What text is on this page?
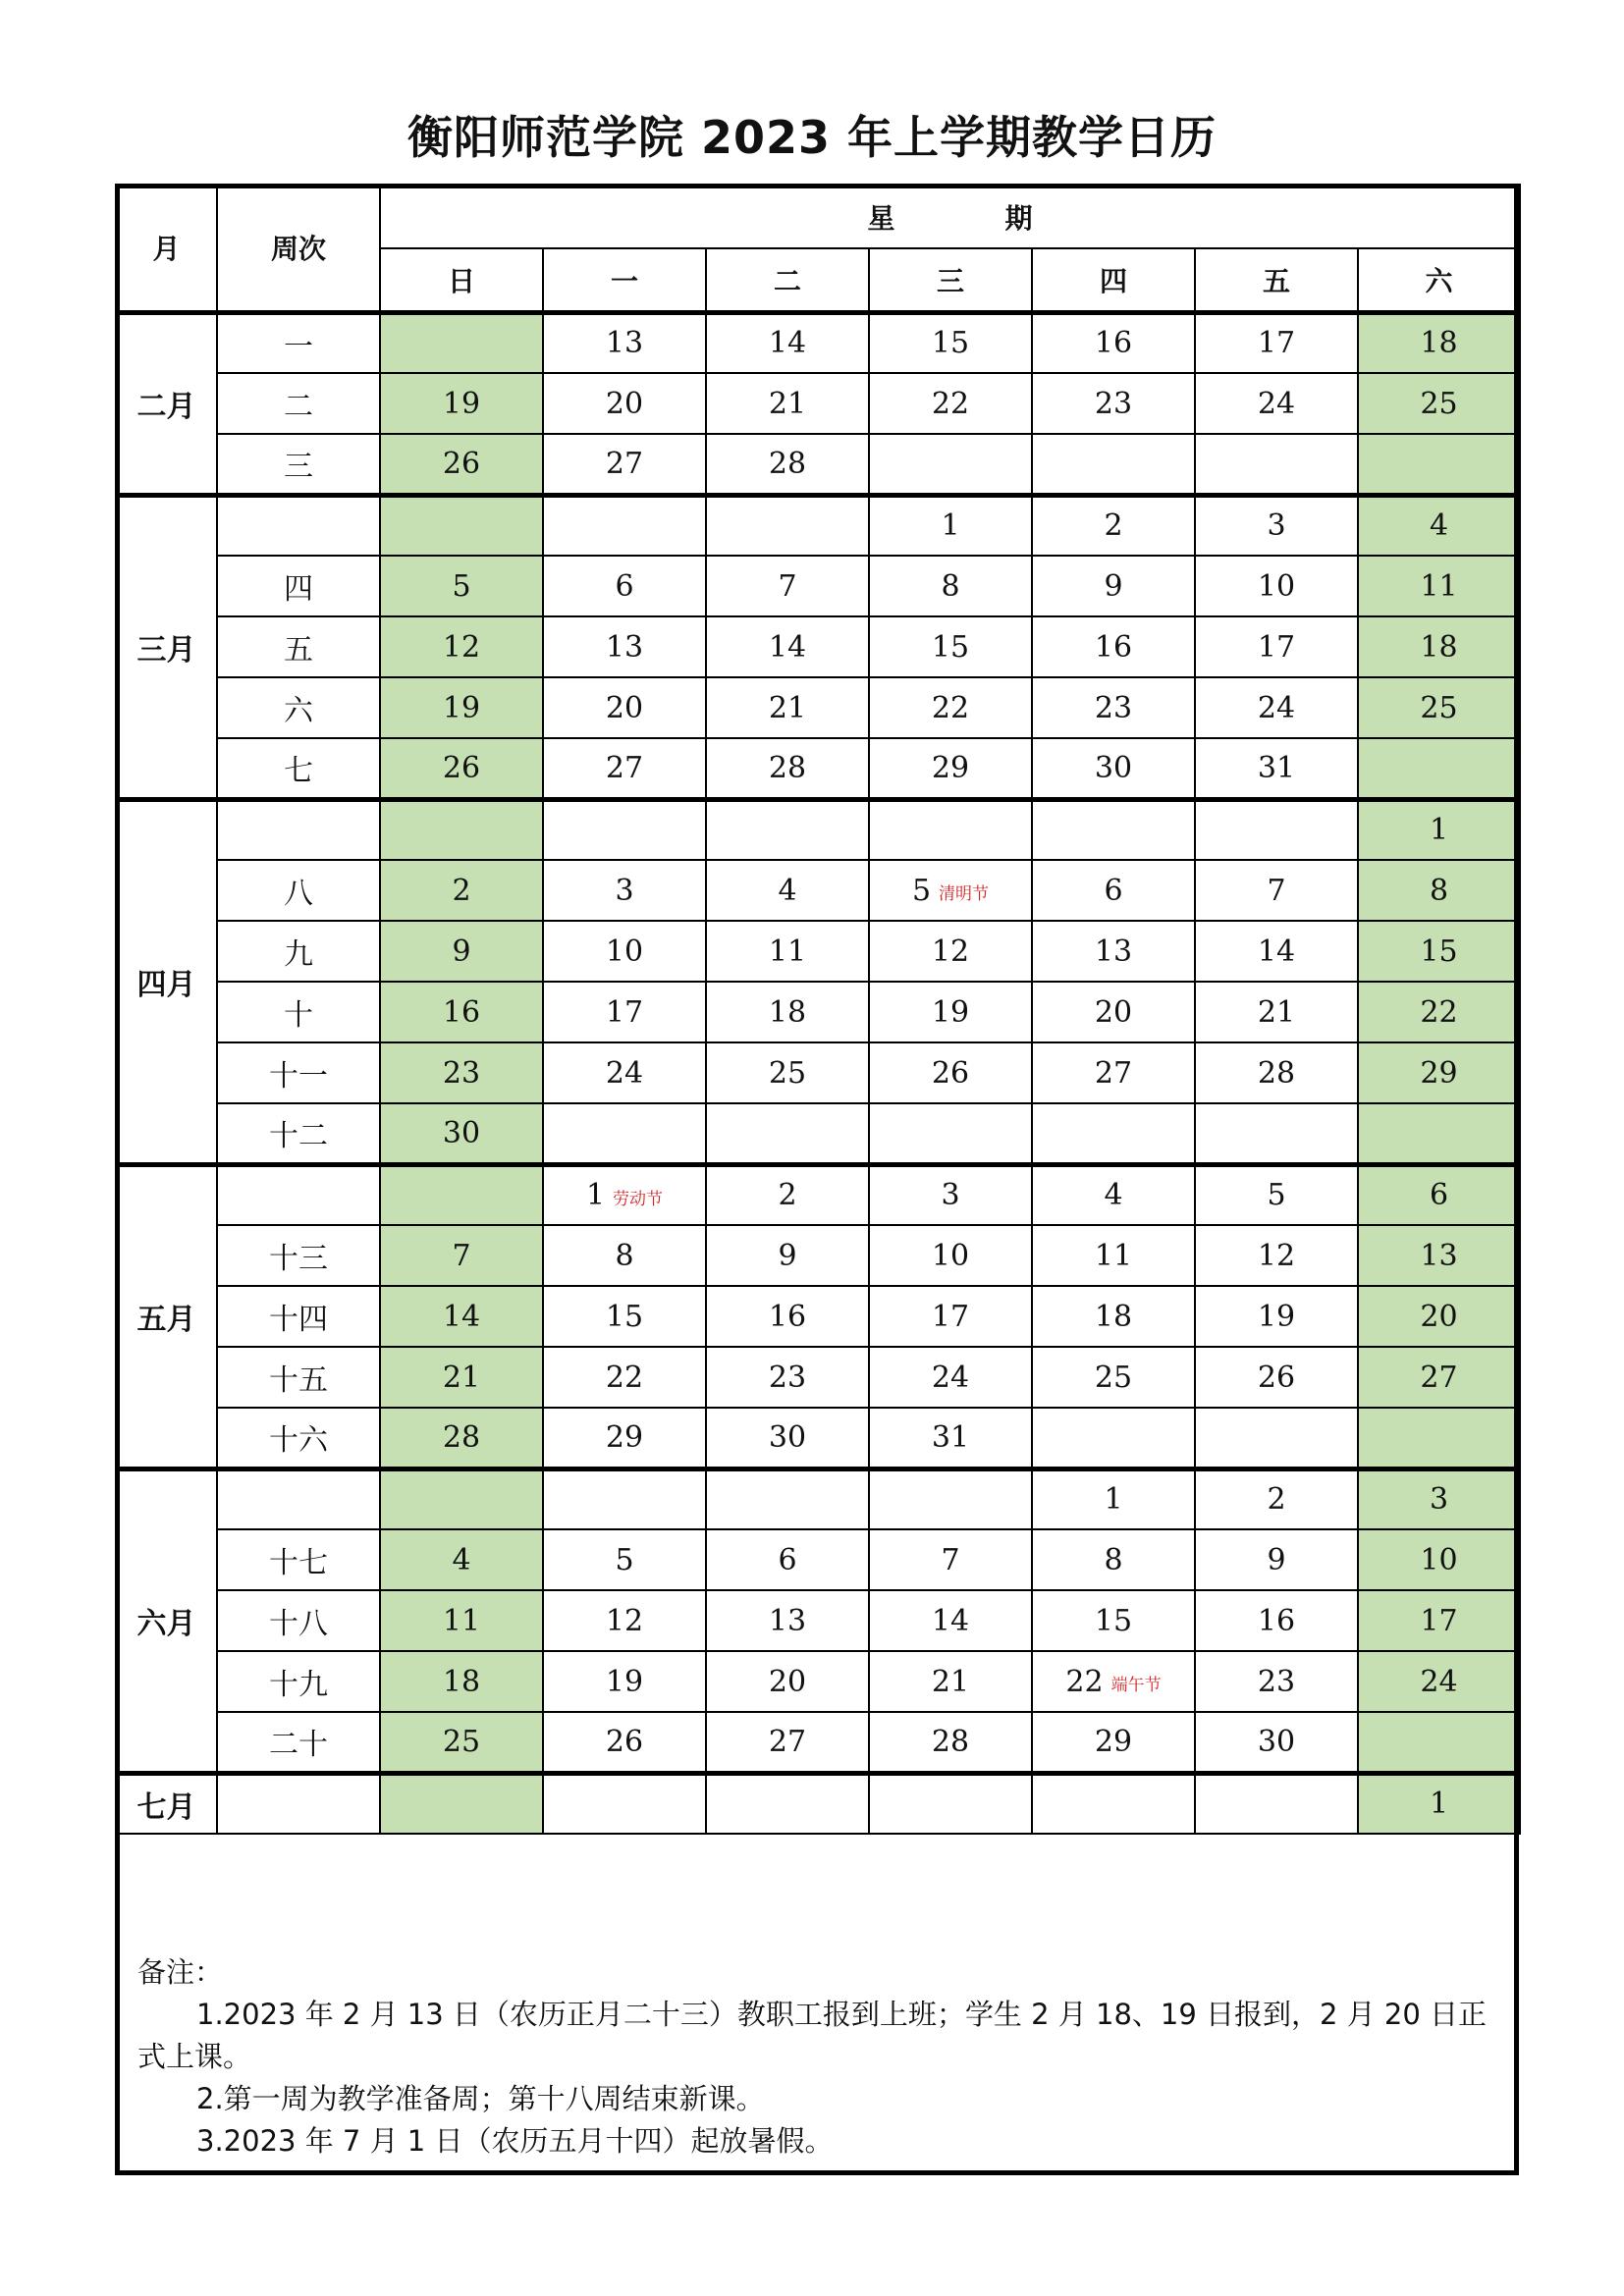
衡阳师范学院 2023 年上学期教学日历
月	周次	星　　　　期						
		日	一	二	三	四	五	六
二月	一		13	14	15	16	17	18
	二	19	20	21	22	23	24	25
	三	26	27	28				
三月					1	2	3	4
	四	5	6	7	8	9	10	11
	五	12	13	14	15	16	17	18
	六	19	20	21	22	23	24	25
	七	26	27	28	29	30	31	
四月								1
	八	2	3	4	5 清明节	6	7	8
	九	9	10	11	12	13	14	15
	十	16	17	18	19	20	21	22
	十一	23	24	25	26	27	28	29
	十二	30						
五月			1 劳动节	2	3	4	5	6
	十三	7	8	9	10	11	12	13
	十四	14	15	16	17	18	19	20
	十五	21	22	23	24	25	26	27
	十六	28	29	30	31			
六月						1	2	3
	十七	4	5	6	7	8	9	10
	十八	11	12	13	14	15	16	17
	十九	18	19	20	21	22 端午节	23	24
	二十	25	26	27	28	29	30	
七月								1

备注：

1.2023 年 2 月 13 日（农历正月二十三）教职工报到上班；学生 2 月 18、19 日报到，2 月 20 日正式上课。

2.第一周为教学准备周；第十八周结束新课。

3.2023 年 7 月 1 日（农历五月十四）起放暑假。
